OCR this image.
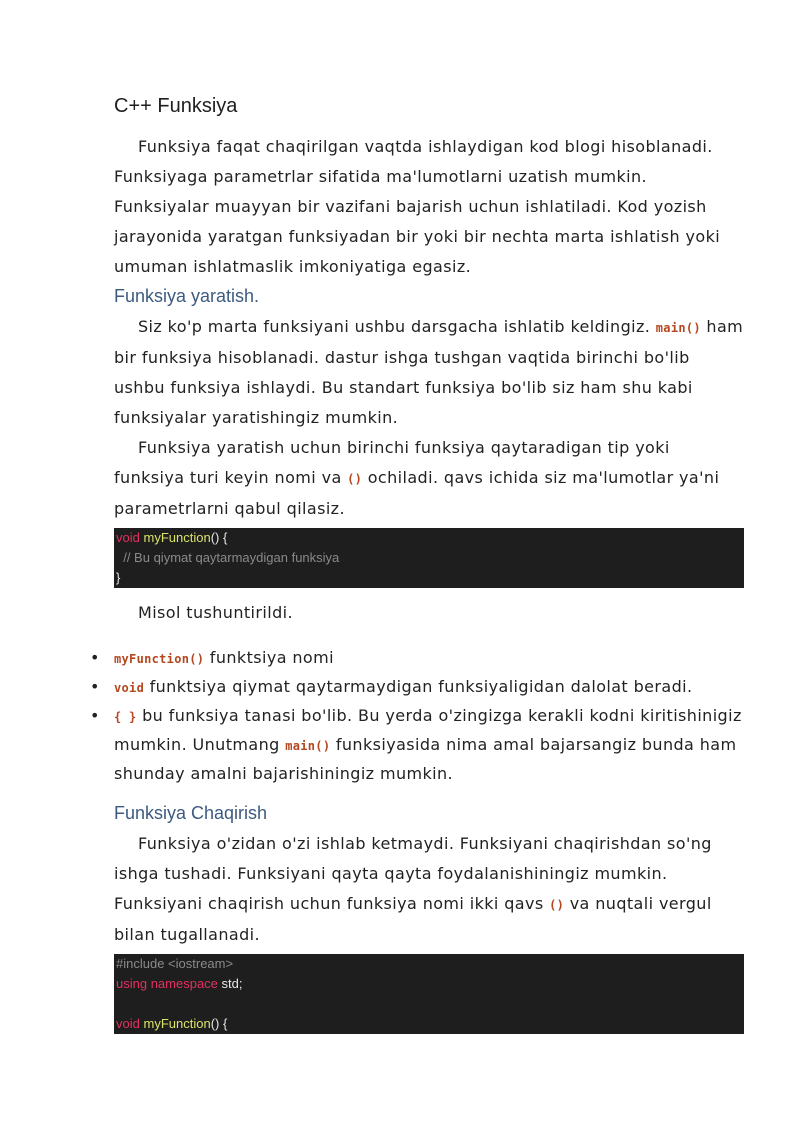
C++ Funksiya

Funksiya faqat chaqirilgan vaqtda ishlaydigan kod blogi hisoblanadi. Funksiyaga parametrlar sifatida ma'lumotlarni uzatish mumkin. Funksiyalar muayyan bir vazifani bajarish uchun ishlatiladi. Kod yozish jarayonida yaratgan funksiyadan bir yoki bir nechta marta ishlatish yoki umuman ishlatmaslik imkoniyatiga egasiz.

Funksiya yaratish.

Siz ko'p marta funksiyani ushbu darsgacha ishlatib keldingiz. main() ham bir funksiya hisoblanadi. dastur ishga tushgan vaqtida birinchi bo'lib ushbu funksiya ishlaydi. Bu standart funksiya bo'lib siz ham shu kabi funksiyalar yaratishingiz mumkin.

Funksiya yaratish uchun birinchi funksiya qaytaradigan tip yoki funksiya turi keyin nomi va () ochiladi. qavs ichida siz ma'lumotlar ya'ni parametrlarni qabul qilasiz.

void myFunction() {
// Bu qiymat qaytarmaydigan funksiya
}

Misol tushuntirildi.

• myFunction() funktsiya nomi
• void funktsiya qiymat qaytarmaydigan funksiyaligidan dalolat beradi.
• { } bu funksiya tanasi bo'lib. Bu yerda o'zingizga kerakli kodni kiritishinigiz mumkin. Unutmang main() funksiyasida nima amal bajarsangiz bunda ham shunday amalni bajarishiningiz mumkin.
Funksiya Chaqirish

Funksiya o'zidan o'zi ishlab ketmaydi. Funksiyani chaqirishdan so'ng ishga tushadi. Funksiyani qayta qayta foydalanishiningiz mumkin. Funksiyani chaqirish uchun funksiya nomi ikki qavs () va nuqtali vergul bilan tugallanadi.

#include <iostream>
using namespace std;
void myFunction() {
